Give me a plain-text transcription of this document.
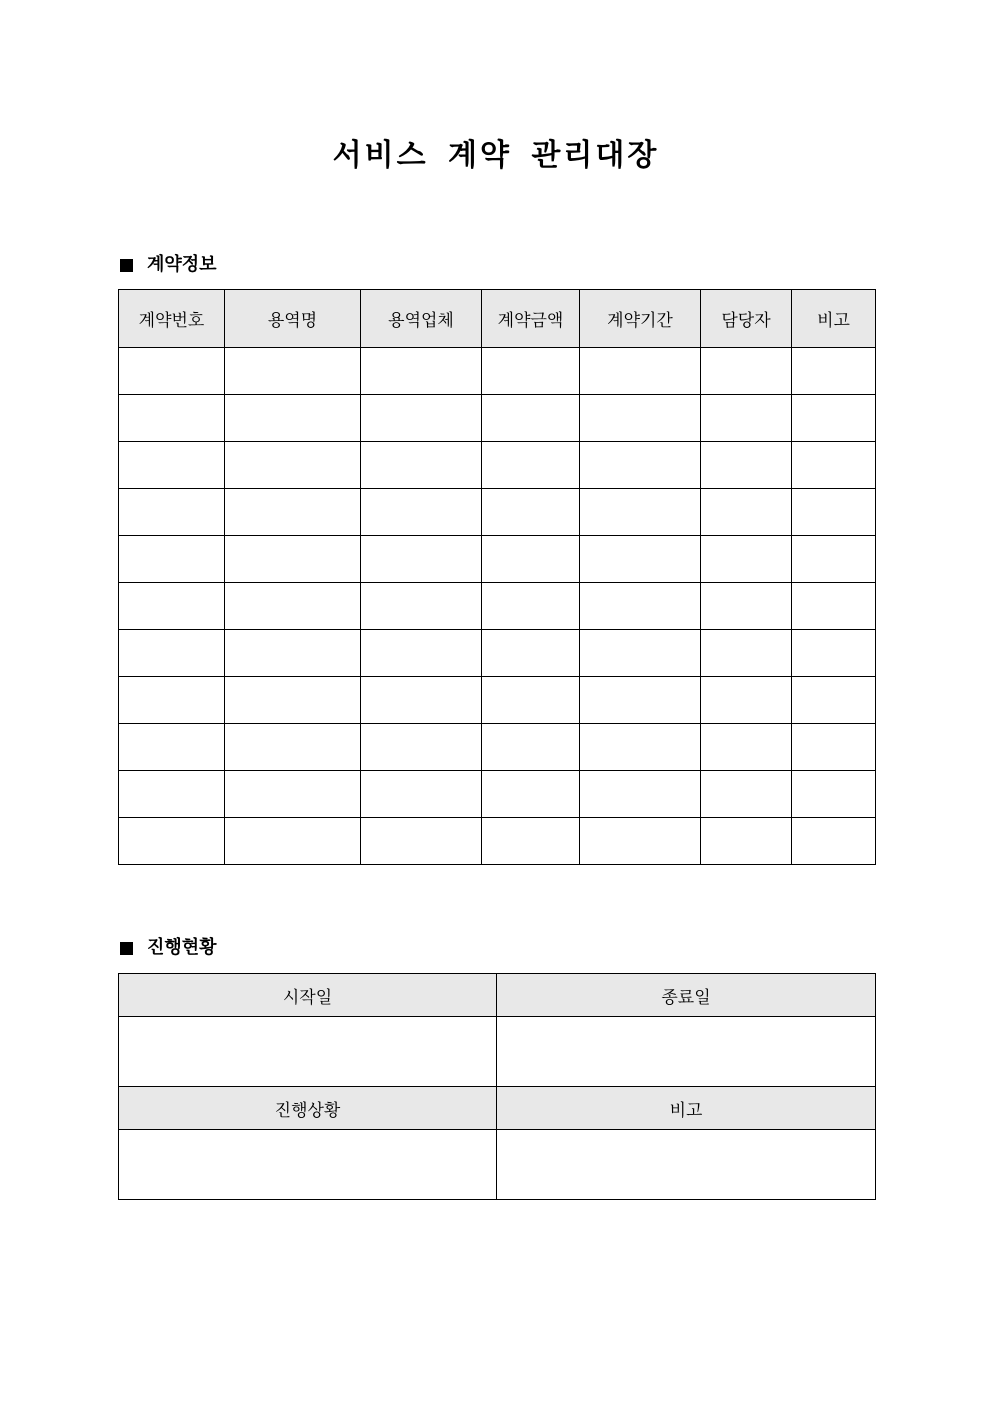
서비스 계약 관리대장
계약정보
계약번호	용역명	용역업체	계약금액	계약기간	담당자	비고

진행현황
시작일	종료일

진행상황	비고
